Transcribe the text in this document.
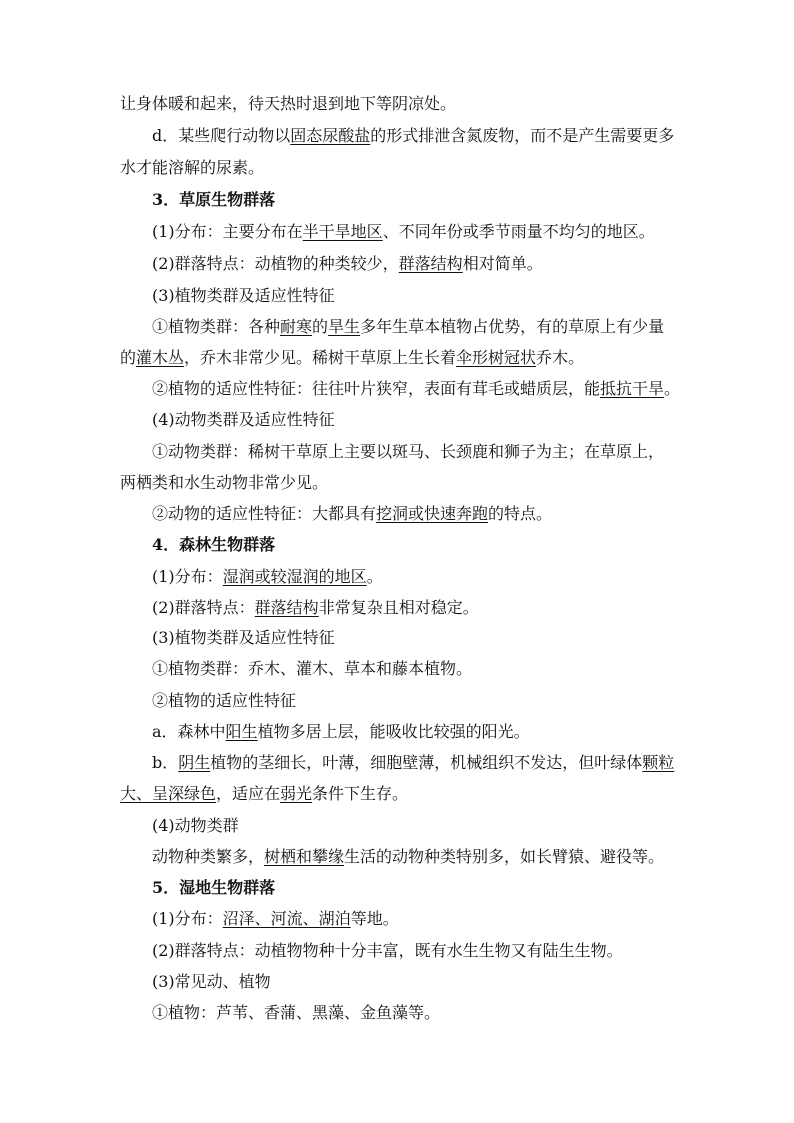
让身体暖和起来，待天热时退到地下等阴凉处。
d．某些爬行动物以固态尿酸盐的形式排泄含氮废物，而不是产生需要更多
水才能溶解的尿素。
3．草原生物群落
(1)分布：主要分布在半干旱地区、不同年份或季节雨量不均匀的地区。
(2)群落特点：动植物的种类较少，群落结构相对简单。
(3)植物类群及适应性特征
①植物类群：各种耐寒的旱生多年生草本植物占优势，有的草原上有少量
的灌木丛，乔木非常少见。稀树干草原上生长着伞形树冠状乔木。
②植物的适应性特征：往往叶片狭窄，表面有茸毛或蜡质层，能抵抗干旱。
(4)动物类群及适应性特征
①动物类群：稀树干草原上主要以斑马、长颈鹿和狮子为主；在草原上，
两栖类和水生动物非常少见。
②动物的适应性特征：大都具有挖洞或快速奔跑的特点。
4．森林生物群落
(1)分布：湿润或较湿润的地区。
(2)群落特点：群落结构非常复杂且相对稳定。
(3)植物类群及适应性特征
①植物类群：乔木、灌木、草本和藤本植物。
②植物的适应性特征
a．森林中阳生植物多居上层，能吸收比较强的阳光。
b．阴生植物的茎细长，叶薄，细胞壁薄，机械组织不发达，但叶绿体颗粒
大、呈深绿色，适应在弱光条件下生存。
(4)动物类群
动物种类繁多，树栖和攀缘生活的动物种类特别多，如长臂猿、避役等。
5．湿地生物群落
(1)分布：沼泽、河流、湖泊等地。
(2)群落特点：动植物物种十分丰富，既有水生生物又有陆生生物。
(3)常见动、植物
①植物：芦苇、香蒲、黑藻、金鱼藻等。
